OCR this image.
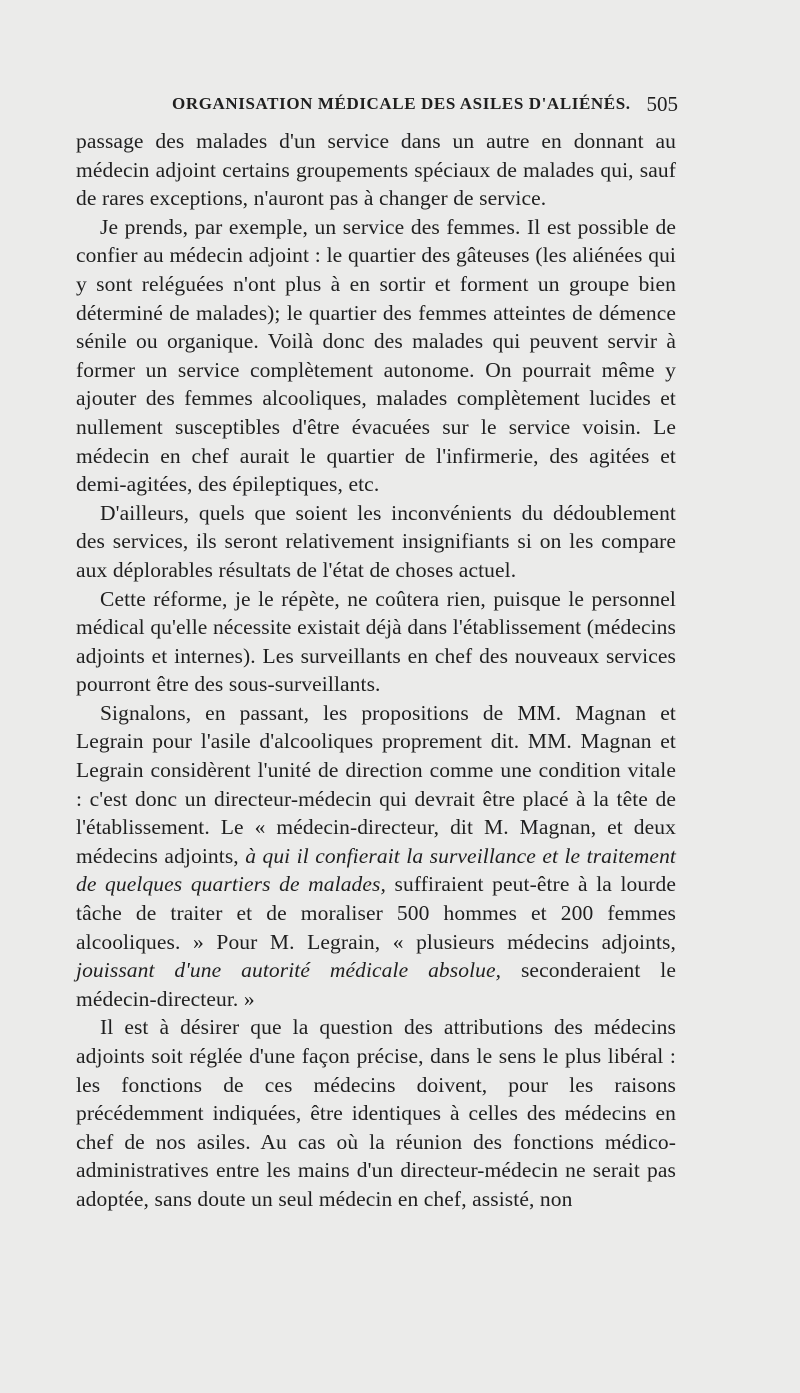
ORGANISATION MÉDICALE DES ASILES D'ALIÉNÉS. 505

passage des malades d'un service dans un autre en donnant au médecin adjoint certains groupements spéciaux de malades qui, sauf de rares exceptions, n'auront pas à changer de service.

Je prends, par exemple, un service des femmes. Il est possible de confier au médecin adjoint : le quartier des gâteuses (les aliénées qui y sont reléguées n'ont plus à en sortir et forment un groupe bien déterminé de malades); le quartier des femmes atteintes de démence sénile ou organique. Voilà donc des malades qui peuvent servir à former un service complètement autonome. On pourrait même y ajouter des femmes alcooliques, malades complètement lucides et nullement susceptibles d'être évacuées sur le service voisin. Le médecin en chef aurait le quartier de l'infirmerie, des agitées et demi-agitées, des épileptiques, etc.

D'ailleurs, quels que soient les inconvénients du dédoublement des services, ils seront relativement insignifiants si on les compare aux déplorables résultats de l'état de choses actuel.

Cette réforme, je le répète, ne coûtera rien, puisque le personnel médical qu'elle nécessite existait déjà dans l'établissement (médecins adjoints et internes). Les surveillants en chef des nouveaux services pourront être des sous-surveillants.

Signalons, en passant, les propositions de MM. Magnan et Legrain pour l'asile d'alcooliques proprement dit. MM. Magnan et Legrain considèrent l'unité de direction comme une condition vitale : c'est donc un directeur-médecin qui devrait être placé à la tête de l'établissement. Le « médecin-directeur, dit M. Magnan, et deux médecins adjoints, à qui il confierait la surveillance et le traitement de quelques quartiers de malades, suffiraient peut-être à la lourde tâche de traiter et de moraliser 500 hommes et 200 femmes alcooliques. » Pour M. Legrain, « plusieurs médecins adjoints, jouissant d'une autorité médicale absolue, seconderaient le médecin-directeur. »

Il est à désirer que la question des attributions des médecins adjoints soit réglée d'une façon précise, dans le sens le plus libéral : les fonctions de ces médecins doivent, pour les raisons précédemment indiquées, être identiques à celles des médecins en chef de nos asiles. Au cas où la réunion des fonctions médico-administratives entre les mains d'un directeur-médecin ne serait pas adoptée, sans doute un seul médecin en chef, assisté, non
